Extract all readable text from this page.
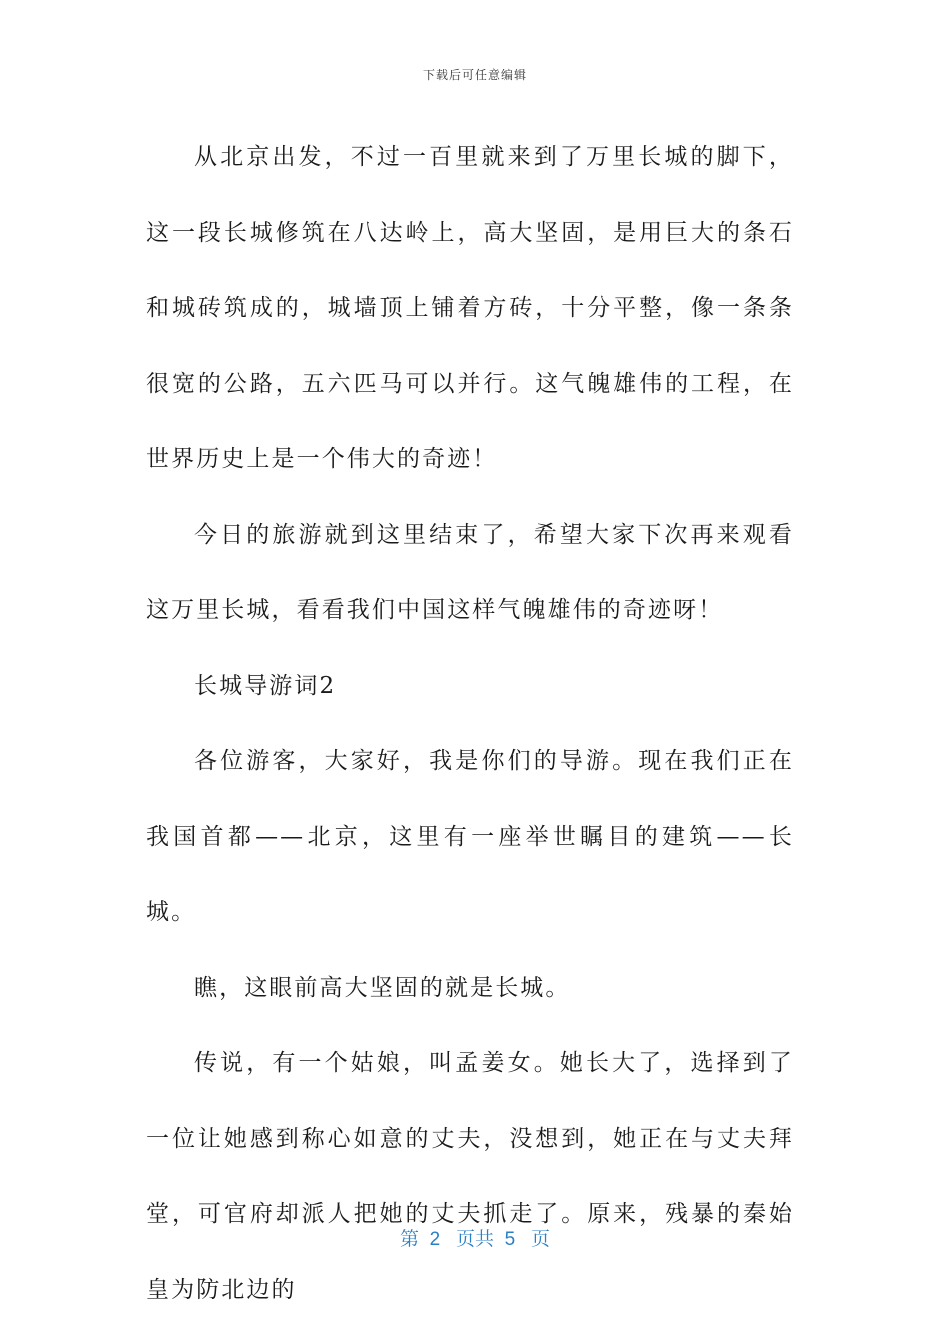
下载后可任意编辑

从北京出发，不过一百里就来到了万里长城的脚下，这一段长城修筑在八达岭上，高大坚固，是用巨大的条石和城砖筑成的，城墙顶上铺着方砖，十分平整，像一条条很宽的公路，五六匹马可以并行。这气魄雄伟的工程，在世界历史上是一个伟大的奇迹！

今日的旅游就到这里结束了，希望大家下次再来观看这万里长城，看看我们中国这样气魄雄伟的奇迹呀！

长城导游词2

各位游客，大家好，我是你们的导游。现在我们正在我国首都——北京，这里有一座举世瞩目的建筑——长城。

瞧，这眼前高大坚固的就是长城。

传说，有一个姑娘，叫孟姜女。她长大了，选择到了一位让她感到称心如意的丈夫，没想到，她正在与丈夫拜堂，可官府却派人把她的丈夫抓走了。原来，残暴的秦始皇为防北边的

第 2 页共 5 页
